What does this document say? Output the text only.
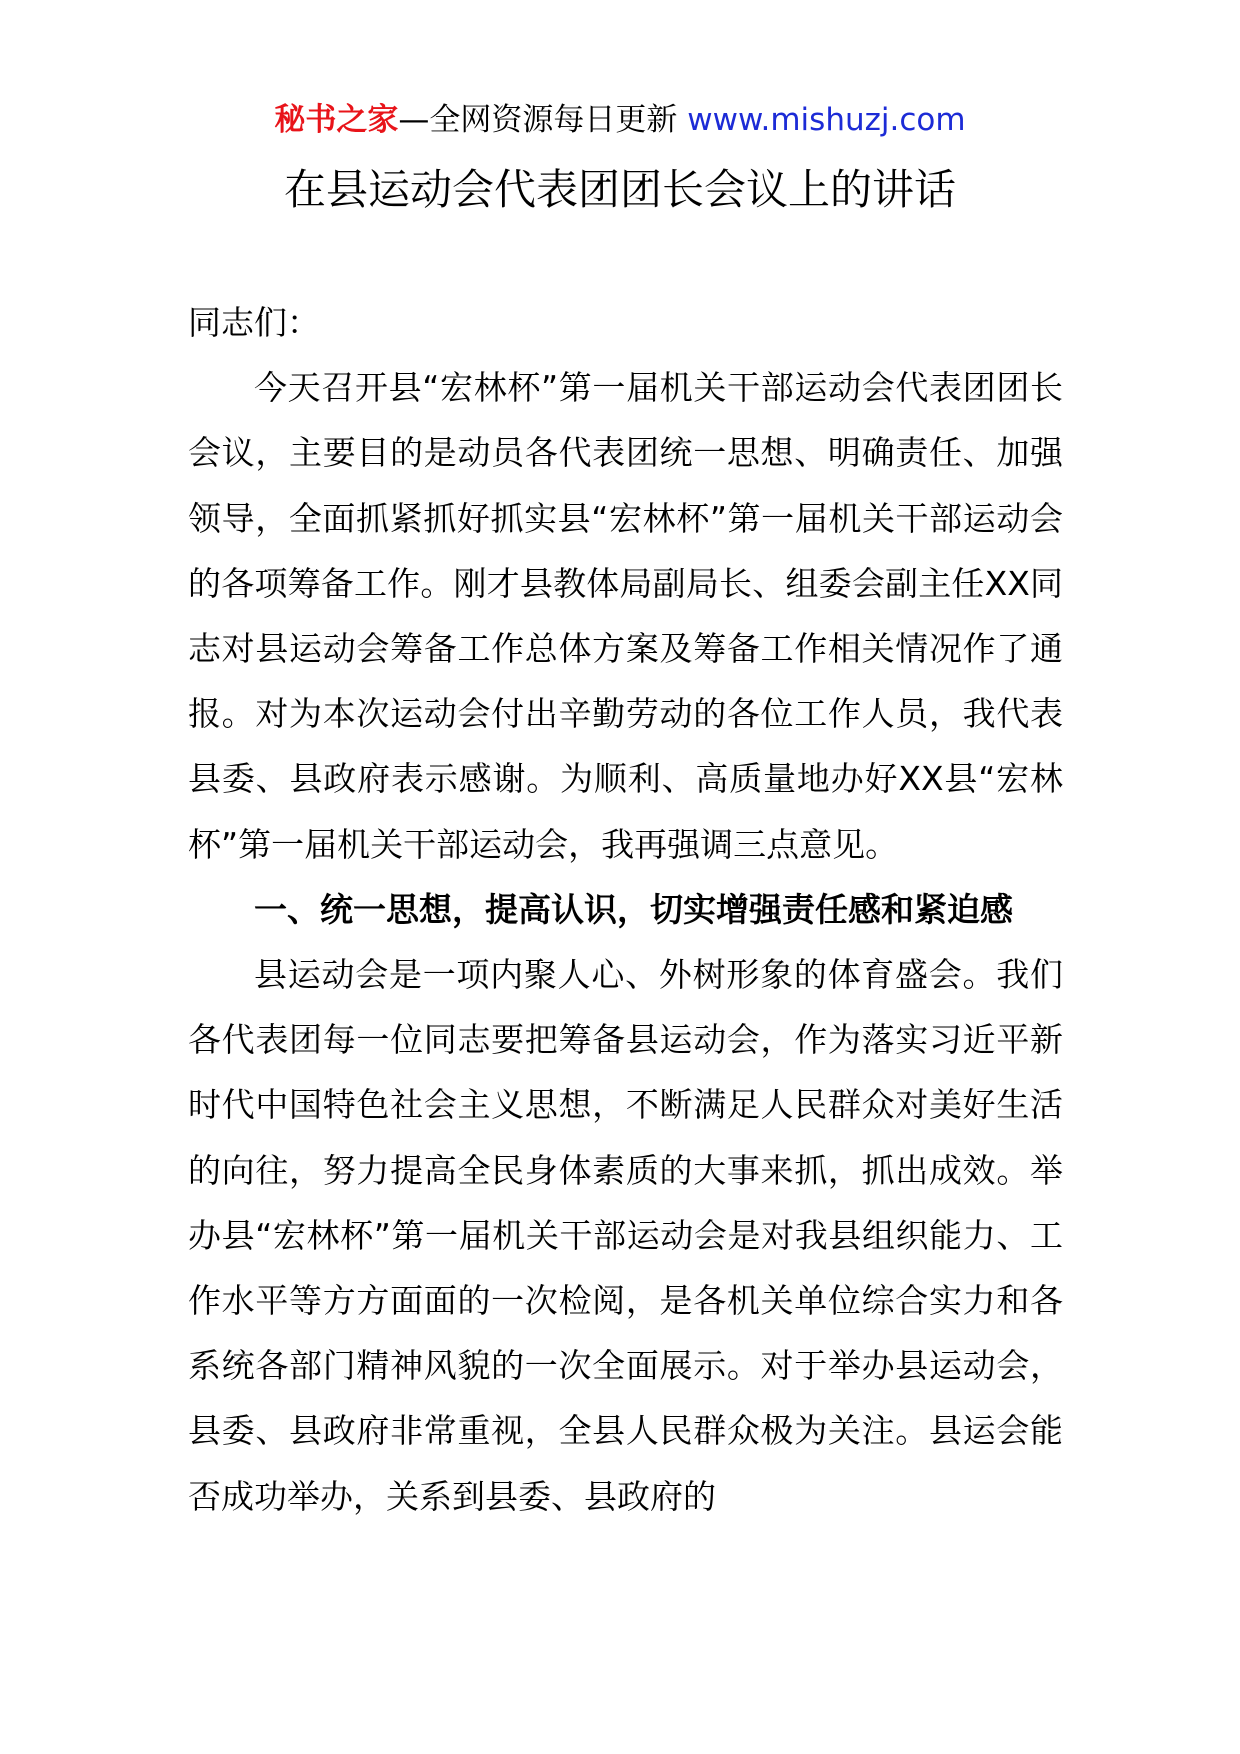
秘书之家—全网资源每日更新 www.mishuzj.com
在县运动会代表团团长会议上的讲话

同志们：

今天召开县“宏林杯”第一届机关干部运动会代表团团长会议，主要目的是动员各代表团统一思想、明确责任、加强领导，全面抓紧抓好抓实县“宏林杯”第一届机关干部运动会的各项筹备工作。刚才县教体局副局长、组委会副主任XX同志对县运动会筹备工作总体方案及筹备工作相关情况作了通报。对为本次运动会付出辛勤劳动的各位工作人员，我代表县委、县政府表示感谢。为顺利、高质量地办好XX县“宏林杯”第一届机关干部运动会，我再强调三点意见。

一、统一思想，提高认识，切实增强责任感和紧迫感

县运动会是一项内聚人心、外树形象的体育盛会。我们各代表团每一位同志要把筹备县运动会，作为落实习近平新时代中国特色社会主义思想，不断满足人民群众对美好生活的向往，努力提高全民身体素质的大事来抓，抓出成效。举办县“宏林杯”第一届机关干部运动会是对我县组织能力、工作水平等方方面面的一次检阅，是各机关单位综合实力和各系统各部门精神风貌的一次全面展示。对于举办县运动会，县委、县政府非常重视，全县人民群众极为关注。县运会能否成功举办，关系到县委、县政府的
